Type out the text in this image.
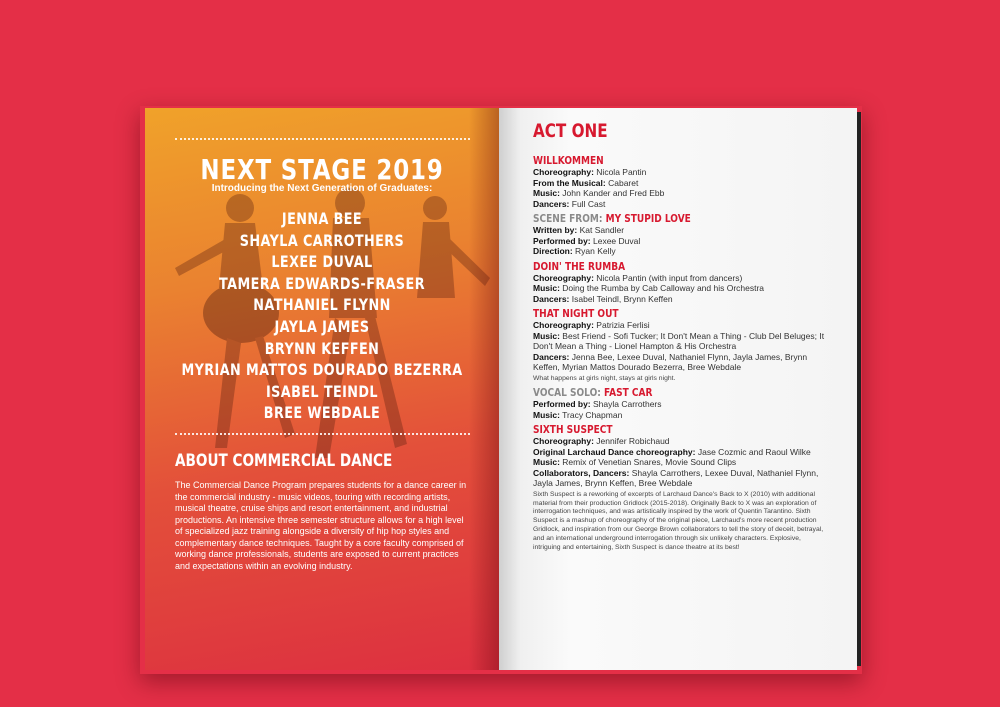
NEXT STAGE 2019
Introducing the Next Generation of Graduates:
JENNA BEE
SHAYLA CARROTHERS
LEXEE DUVAL
TAMERA EDWARDS-FRASER
NATHANIEL FLYNN
JAYLA JAMES
BRYNN KEFFEN
MYRIAN MATTOS DOURADO BEZERRA
ISABEL TEINDL
BREE WEBDALE
ABOUT COMMERCIAL DANCE
The Commercial Dance Program prepares students for a dance career in the commercial industry - music videos, touring with recording artists, musical theatre, cruise ships and resort entertainment, and industrial productions. An intensive three semester structure allows for a high level of specialized jazz training alongside a diversity of hip hop styles and complementary dance techniques. Taught by a core faculty comprised of working dance professionals, students are exposed to current practices and expectations within an evolving industry.
ACT ONE
WILLKOMMEN
Choreography: Nicola Pantin
From the Musical: Cabaret
Music: John Kander and Fred Ebb
Dancers: Full Cast
SCENE FROM: MY STUPID LOVE
Written by: Kat Sandler
Performed by: Lexee Duval
Direction: Ryan Kelly
DOIN' THE RUMBA
Choreography: Nicola Pantin (with input from dancers)
Music: Doing the Rumba by Cab Calloway and his Orchestra
Dancers: Isabel Teindl, Brynn Keffen
THAT NIGHT OUT
Choreography: Patrizia Ferlisi
Music: Best Friend - Sofi Tucker; It Don't Mean a Thing - Club Del Beluges; It Don't Mean a Thing - Lionel Hampton & His Orchestra
Dancers: Jenna Bee, Lexee Duval, Nathaniel Flynn, Jayla James, Brynn Keffen, Myrian Mattos Dourado Bezerra, Bree Webdale
What happens at girls night, stays at girls night.
VOCAL SOLO: FAST CAR
Performed by: Shayla Carrothers
Music: Tracy Chapman
SIXTH SUSPECT
Choreography: Jennifer Robichaud
Original Larchaud Dance choreography: Jase Cozmic and Raoul Wilke
Music: Remix of Venetian Snares, Movie Sound Clips
Collaborators, Dancers: Shayla Carrothers, Lexee Duval, Nathaniel Flynn, Jayla James, Brynn Keffen, Bree Webdale
Sixth Suspect is a reworking of excerpts of Larchaud Dance's Back to X (2010) with additional material from their production Gridlock (2015-2018). Originally Back to X was an exploration of interrogation techniques, and was artistically inspired by the work of Quentin Tarantino. Sixth Suspect is a mashup of choreography of the original piece, Larchaud's more recent production Gridlock, and inspiration from our George Brown collaborators to tell the story of deceit, betrayal, and an international underground interrogation through six unlikely characters. Explosive, intriguing and entertaining, Sixth Suspect is dance theatre at its best!
